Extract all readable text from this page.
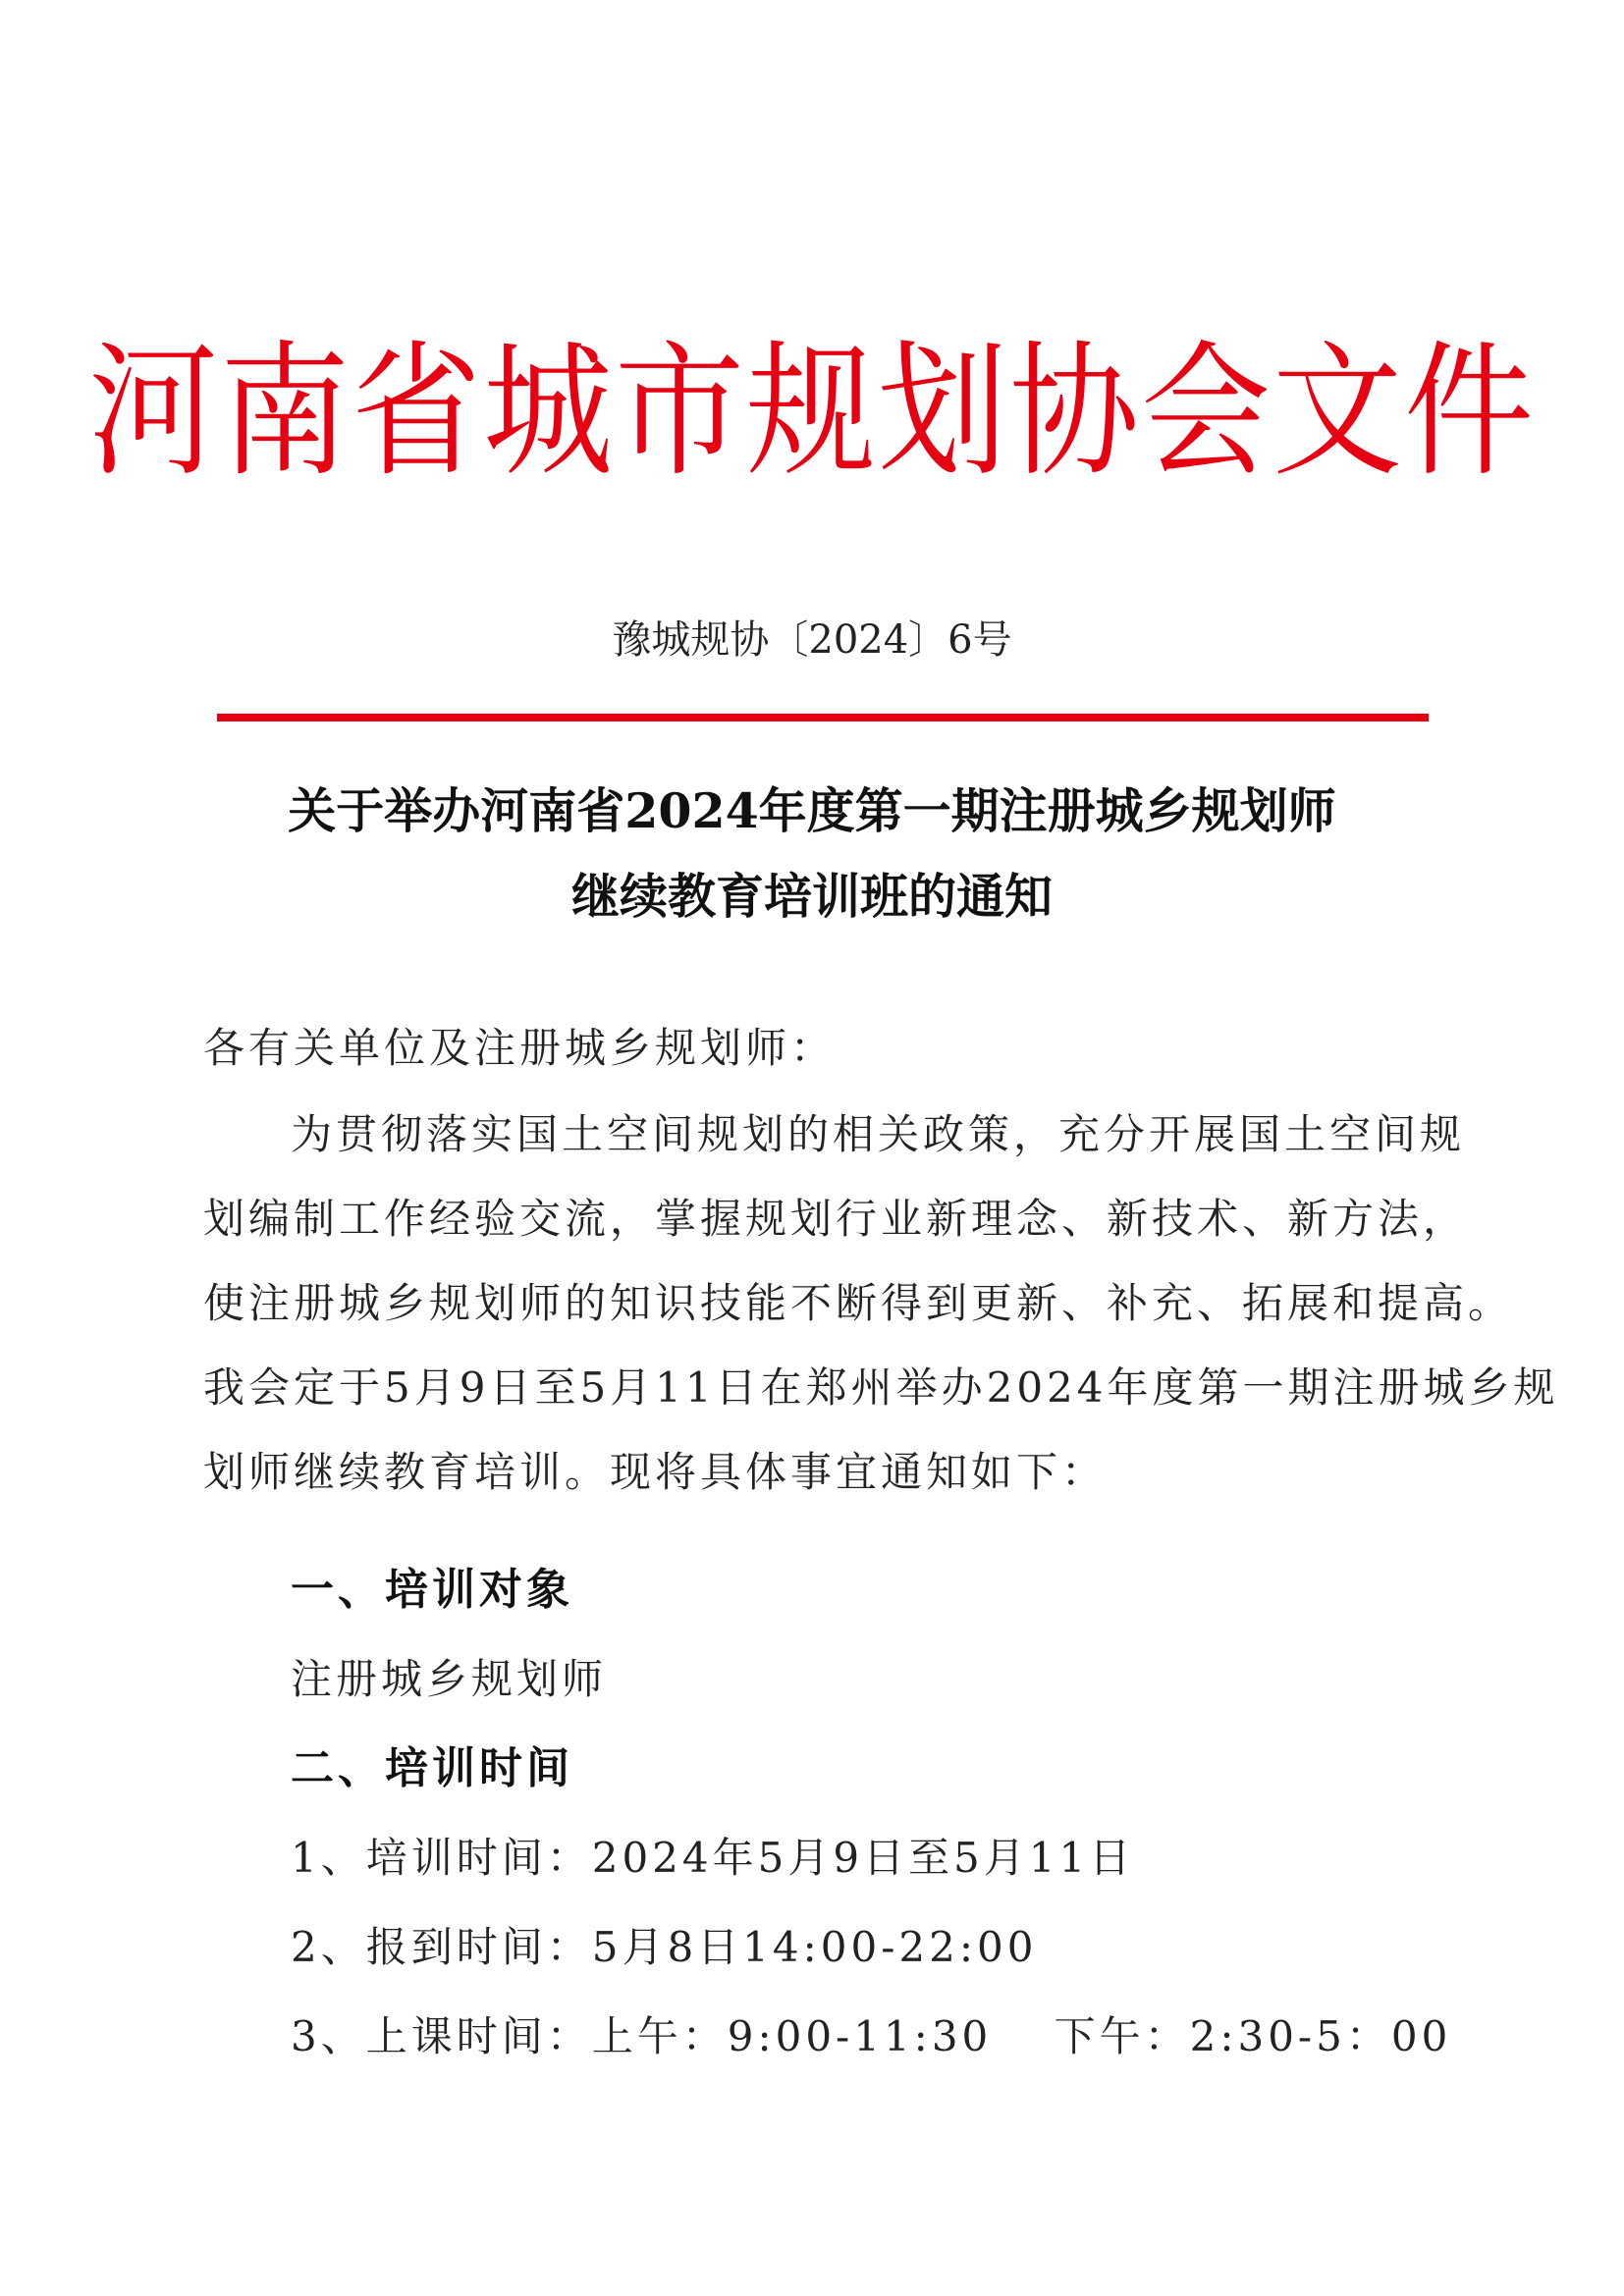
河南省城市规划协会文件
豫城规协〔2024〕6号
关于举办河南省2024年度第一期注册城乡规划师
继续教育培训班的通知
各有关单位及注册城乡规划师：
为贯彻落实国土空间规划的相关政策，充分开展国土空间规
划编制工作经验交流，掌握规划行业新理念、新技术、新方法，
使注册城乡规划师的知识技能不断得到更新、补充、拓展和提高。
我会定于5月9日至5月11日在郑州举办2024年度第一期注册城乡规
划师继续教育培训。现将具体事宜通知如下：
一、培训对象
注册城乡规划师
二、培训时间
1、培训时间：2024年5月9日至5月11日
2、报到时间：5月8日14:00-22:00
3、上课时间：上午：9:00-11:30　 下午：2:30-5：00
